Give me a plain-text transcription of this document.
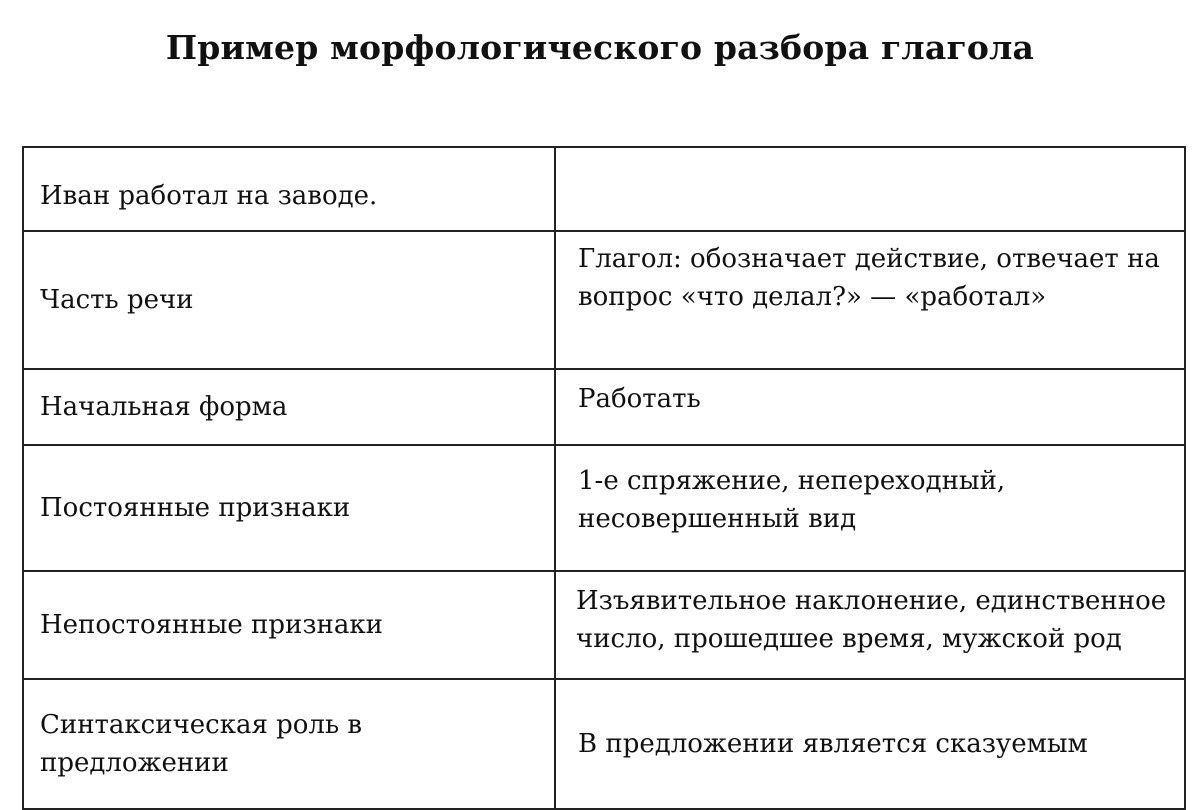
Пример морфологического разбора глагола
Иван работал на заводе.	
Часть речи	Глагол: обозначает действие, отвечает на вопрос «что делал?» — «работал»
Начальная форма	Работать
Постоянные признаки	1-е спряжение, непереходный, несовершенный вид
Непостоянные признаки	Изъявительное наклонение, единственное число, прошедшее время, мужской род
Синтаксическая роль в предложении	В предложении является сказуемым
